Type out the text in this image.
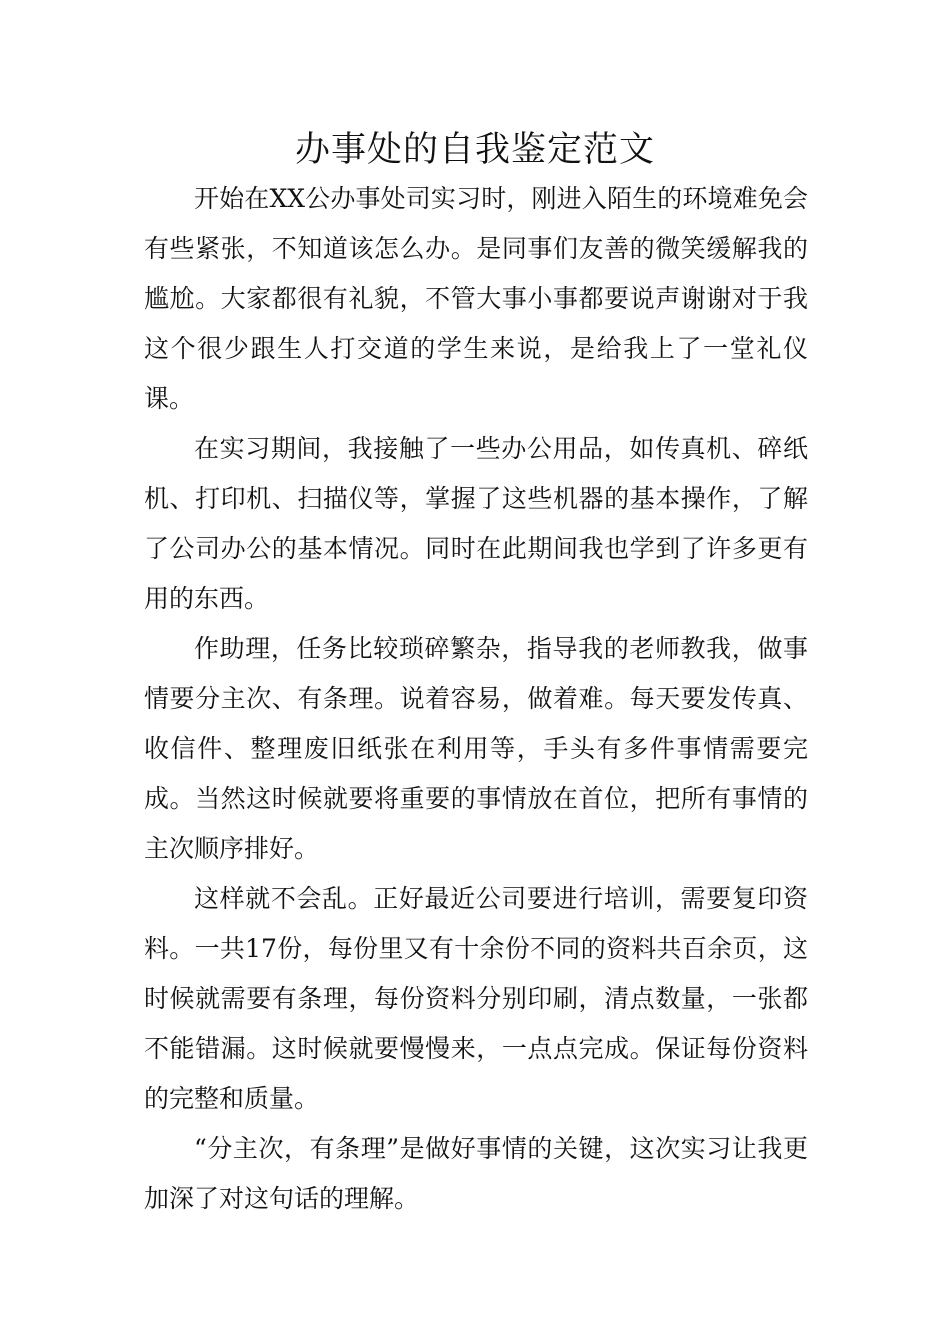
办事处的自我鉴定范文

开始在XX公办事处司实习时，刚进入陌生的环境难免会有些紧张，不知道该怎么办。是同事们友善的微笑缓解我的尴尬。大家都很有礼貌，不管大事小事都要说声谢谢对于我这个很少跟生人打交道的学生来说，是给我上了一堂礼仪课。

在实习期间，我接触了一些办公用品，如传真机、碎纸机、打印机、扫描仪等，掌握了这些机器的基本操作，了解了公司办公的基本情况。同时在此期间我也学到了许多更有用的东西。

作助理，任务比较琐碎繁杂，指导我的老师教我，做事情要分主次、有条理。说着容易，做着难。每天要发传真、收信件、整理废旧纸张在利用等，手头有多件事情需要完成。当然这时候就要将重要的事情放在首位，把所有事情的主次顺序排好。

这样就不会乱。正好最近公司要进行培训，需要复印资料。一共17份，每份里又有十余份不同的资料共百余页，这时候就需要有条理，每份资料分别印刷，清点数量，一张都不能错漏。这时候就要慢慢来，一点点完成。保证每份资料的完整和质量。

“分主次，有条理”是做好事情的关键，这次实习让我更加深了对这句话的理解。
